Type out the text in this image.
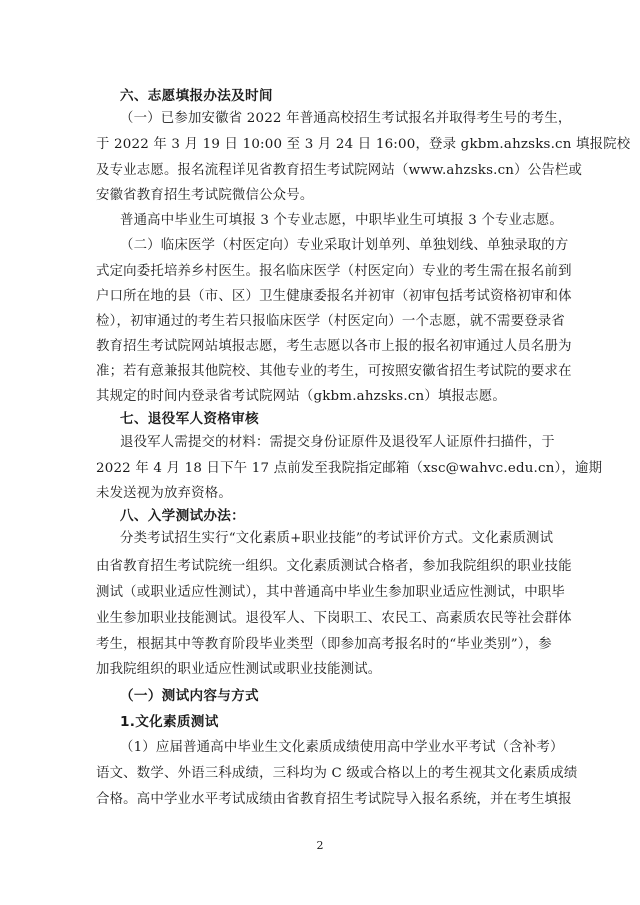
六、志愿填报办法及时间
（一）已参加安徽省 2022 年普通高校招生考试报名并取得考生号的考生，
于 2022 年 3 月 19 日 10:00 至 3 月 24 日 16:00，登录 gkbm.ahzsks.cn 填报院校
及专业志愿。报名流程详见省教育招生考试院网站（www.ahzsks.cn）公告栏或
安徽省教育招生考试院微信公众号。
普通高中毕业生可填报 3 个专业志愿，中职毕业生可填报 3 个专业志愿。
（二）临床医学（村医定向）专业采取计划单列、单独划线、单独录取的方
式定向委托培养乡村医生。报名临床医学（村医定向）专业的考生需在报名前到
户口所在地的县（市、区）卫生健康委报名并初审（初审包括考试资格初审和体
检），初审通过的考生若只报临床医学（村医定向）一个志愿，就不需要登录省
教育招生考试院网站填报志愿，考生志愿以各市上报的报名初审通过人员名册为
准；若有意兼报其他院校、其他专业的考生，可按照安徽省招生考试院的要求在
其规定的时间内登录省考试院网站（gkbm.ahzsks.cn）填报志愿。
七、退役军人资格审核
退役军人需提交的材料：需提交身份证原件及退役军人证原件扫描件，于
2022 年 4 月 18 日下午 17 点前发至我院指定邮箱（xsc@wahvc.edu.cn），逾期
未发送视为放弃资格。
八、入学测试办法：
分类考试招生实行“文化素质+职业技能”的考试评价方式。文化素质测试
由省教育招生考试院统一组织。文化素质测试合格者，参加我院组织的职业技能
测试（或职业适应性测试），其中普通高中毕业生参加职业适应性测试，中职毕
业生参加职业技能测试。退役军人、下岗职工、农民工、高素质农民等社会群体
考生，根据其中等教育阶段毕业类型（即参加高考报名时的“毕业类别”），参
加我院组织的职业适应性测试或职业技能测试。
（一）测试内容与方式
1.文化素质测试
（1）应届普通高中毕业生文化素质成绩使用高中学业水平考试（含补考）
语文、数学、外语三科成绩，三科均为 C 级或合格以上的考生视其文化素质成绩
合格。高中学业水平考试成绩由省教育招生考试院导入报名系统，并在考生填报
2
